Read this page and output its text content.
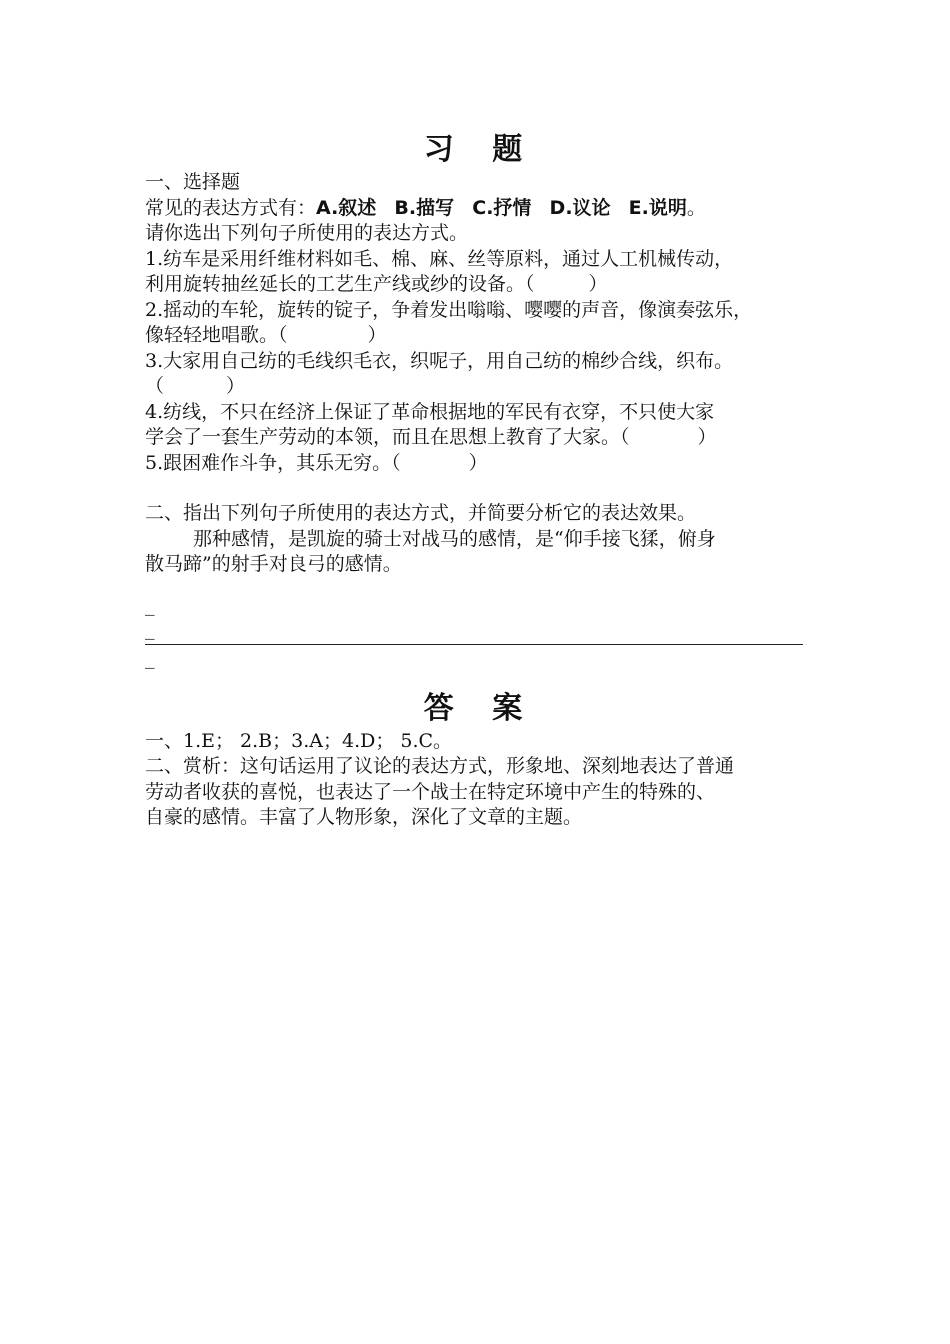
习 题
一、选择题
常见的表达方式有：A.叙述 B.描写 C.抒情 D.议论 E.说明。
请你选出下列句子所使用的表达方式。
1.纺车是采用纤维材料如毛、棉、麻、丝等原料，通过人工机械传动，
利用旋转抽丝延长的工艺生产线或纱的设备。（	）
2.摇动的车轮，旋转的锭子，争着发出嗡嗡、嘤嘤的声音，像演奏弦乐，
像轻轻地唱歌。（	）
3.大家用自己纺的毛线织毛衣，织呢子，用自己纺的棉纱合线，织布。
（	）
4.纺线，不只在经济上保证了革命根据地的军民有衣穿，不只使大家
学会了一套生产劳动的本领，而且在思想上教育了大家。（	）
5.跟困难作斗争，其乐无穷。（	）
二、指出下列句子所使用的表达方式，并简要分析它的表达效果。
那种感情，是凯旋的骑士对战马的感情，是“仰手接飞猱，俯身
散马蹄”的射手对良弓的感情。
_
_
_
答 案
一、1.E； 2.B；3.A；4.D； 5.C。
二、赏析：这句话运用了议论的表达方式，形象地、深刻地表达了普通
劳动者收获的喜悦，也表达了一个战士在特定环境中产生的特殊的、
自豪的感情。丰富了人物形象，深化了文章的主题。
